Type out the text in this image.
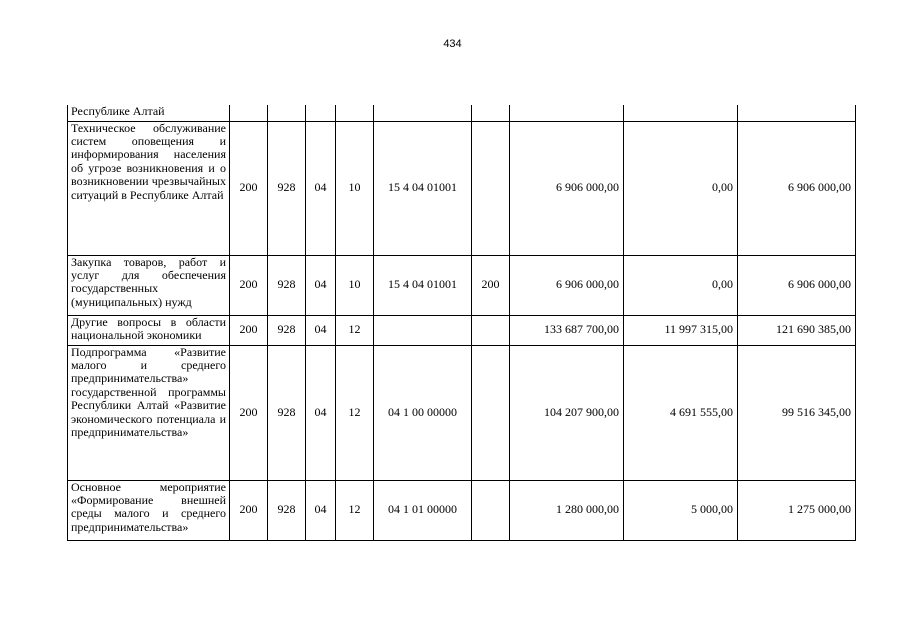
434
Республике Алтай									
Техническое обслуживание систем оповещения и информирования населения об угрозе возникновения и о возникновении чрезвычайных ситуаций в Республике Алтай	200	928	04	10	15 4 04 01001		6 906 000,00	0,00	6 906 000,00
Закупка товаров, работ и услуг для обеспечения государственных (муниципальных) нужд	200	928	04	10	15 4 04 01001	200	6 906 000,00	0,00	6 906 000,00
Другие вопросы в области национальной экономики	200	928	04	12			133 687 700,00	11 997 315,00	121 690 385,00
Подпрограмма «Развитие малого и среднего предпринимательства» государственной программы Республики Алтай «Развитие экономического потенциала и предпринимательства»	200	928	04	12	04 1 00 00000		104 207 900,00	4 691 555,00	99 516 345,00
Основное мероприятие «Формирование внешней среды малого и среднего предпринимательства»	200	928	04	12	04 1 01 00000		1 280 000,00	5 000,00	1 275 000,00
